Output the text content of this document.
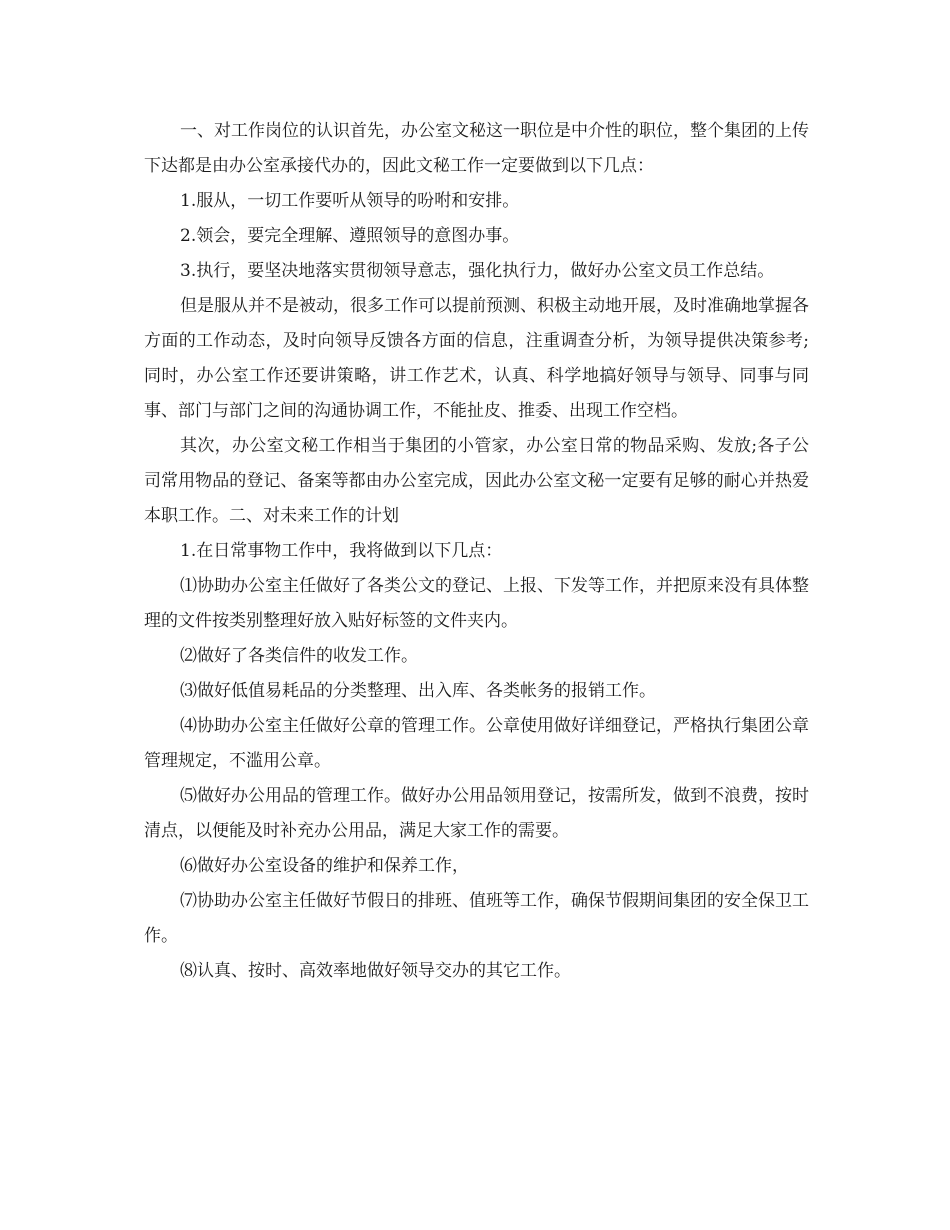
一、对工作岗位的认识首先，办公室文秘这一职位是中介性的职位，整个集团的上传下达都是由办公室承接代办的，因此文秘工作一定要做到以下几点：

1.服从，一切工作要听从领导的吩咐和安排。

2.领会，要完全理解、遵照领导的意图办事。

3.执行，要坚决地落实贯彻领导意志，强化执行力，做好办公室文员工作总结。

但是服从并不是被动，很多工作可以提前预测、积极主动地开展，及时准确地掌握各方面的工作动态，及时向领导反馈各方面的信息，注重调查分析，为领导提供决策参考;同时，办公室工作还要讲策略，讲工作艺术，认真、科学地搞好领导与领导、同事与同事、部门与部门之间的沟通协调工作，不能扯皮、推委、出现工作空档。

其次，办公室文秘工作相当于集团的小管家，办公室日常的物品采购、发放;各子公司常用物品的登记、备案等都由办公室完成，因此办公室文秘一定要有足够的耐心并热爱本职工作。二、对未来工作的计划

1.在日常事物工作中，我将做到以下几点：

⑴协助办公室主任做好了各类公文的登记、上报、下发等工作，并把原来没有具体整理的文件按类别整理好放入贴好标签的文件夹内。

⑵做好了各类信件的收发工作。

⑶做好低值易耗品的分类整理、出入库、各类帐务的报销工作。

⑷协助办公室主任做好公章的管理工作。公章使用做好详细登记，严格执行集团公章管理规定，不滥用公章。

⑸做好办公用品的管理工作。做好办公用品领用登记，按需所发，做到不浪费，按时清点，以便能及时补充办公用品，满足大家工作的需要。

⑹做好办公室设备的维护和保养工作，

⑺协助办公室主任做好节假日的排班、值班等工作，确保节假期间集团的安全保卫工作。

⑻认真、按时、高效率地做好领导交办的其它工作。
